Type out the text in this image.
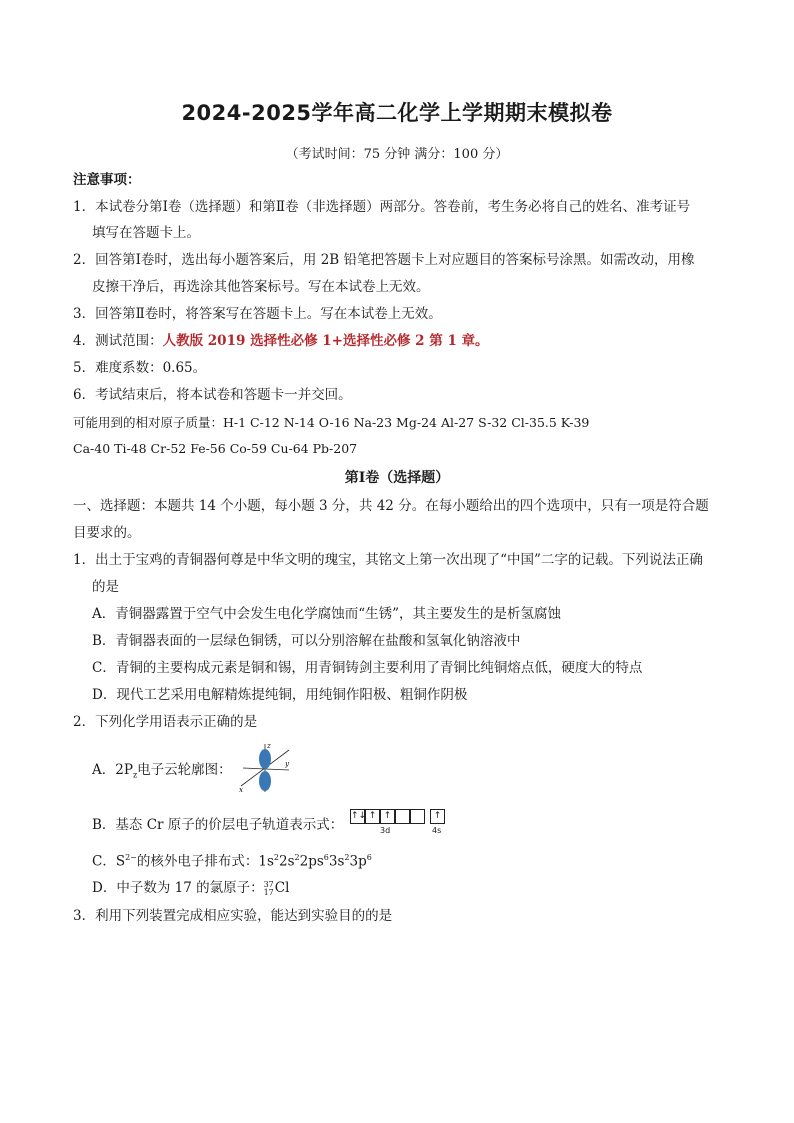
2024-2025学年高二化学上学期期末模拟卷
（考试时间：75 分钟 满分：100 分）
注意事项：
1．本试卷分第Ⅰ卷（选择题）和第Ⅱ卷（非选择题）两部分。答卷前，考生务必将自己的姓名、准考证号
填写在答题卡上。
2．回答第Ⅰ卷时，选出每小题答案后，用 2B 铅笔把答题卡上对应题目的答案标号涂黑。如需改动，用橡
皮擦干净后，再选涂其他答案标号。写在本试卷上无效。
3．回答第Ⅱ卷时，将答案写在答题卡上。写在本试卷上无效。
4．测试范围：人教版 2019 选择性必修 1+选择性必修 2 第 1 章。
5．难度系数：0.65。
6．考试结束后，将本试卷和答题卡一并交回。
可能用到的相对原子质量：H-1 C-12 N-14 O-16 Na-23 Mg-24 Al-27 S-32 Cl-35.5 K-39
Ca-40 Ti-48 Cr-52 Fe-56 Co-59 Cu-64 Pb-207
第Ⅰ卷（选择题）
一、选择题：本题共 14 个小题，每小题 3 分，共 42 分。在每小题给出的四个选项中，只有一项是符合题
目要求的。
1．出土于宝鸡的青铜器何尊是中华文明的瑰宝，其铭文上第一次出现了“中国”二字的记载。下列说法正确
的是
A．青铜器露置于空气中会发生电化学腐蚀而“生锈”，其主要发生的是析氢腐蚀
B．青铜器表面的一层绿色铜锈，可以分别溶解在盐酸和氢氧化钠溶液中
C．青铜的主要构成元素是铜和锡，用青铜铸剑主要利用了青铜比纯铜熔点低，硬度大的特点
D．现代工艺采用电解精炼提纯铜，用纯铜作阳极、粗铜作阴极
2．下列化学用语表示正确的是
A．$2P_z$电子云轮廓图：
z
x
y
B．基态 Cr 原子的价层电子轨道表示式：
↑↓ ↑ ↑
3d
↑
4s
C．$S^{2-}$的核外电子排布式：$1s^22s^22ps^63s^23p^6$
D．中子数为 17 的氯原子： 37
17 Cl
3．利用下列装置完成相应实验，能达到实验目的的是
